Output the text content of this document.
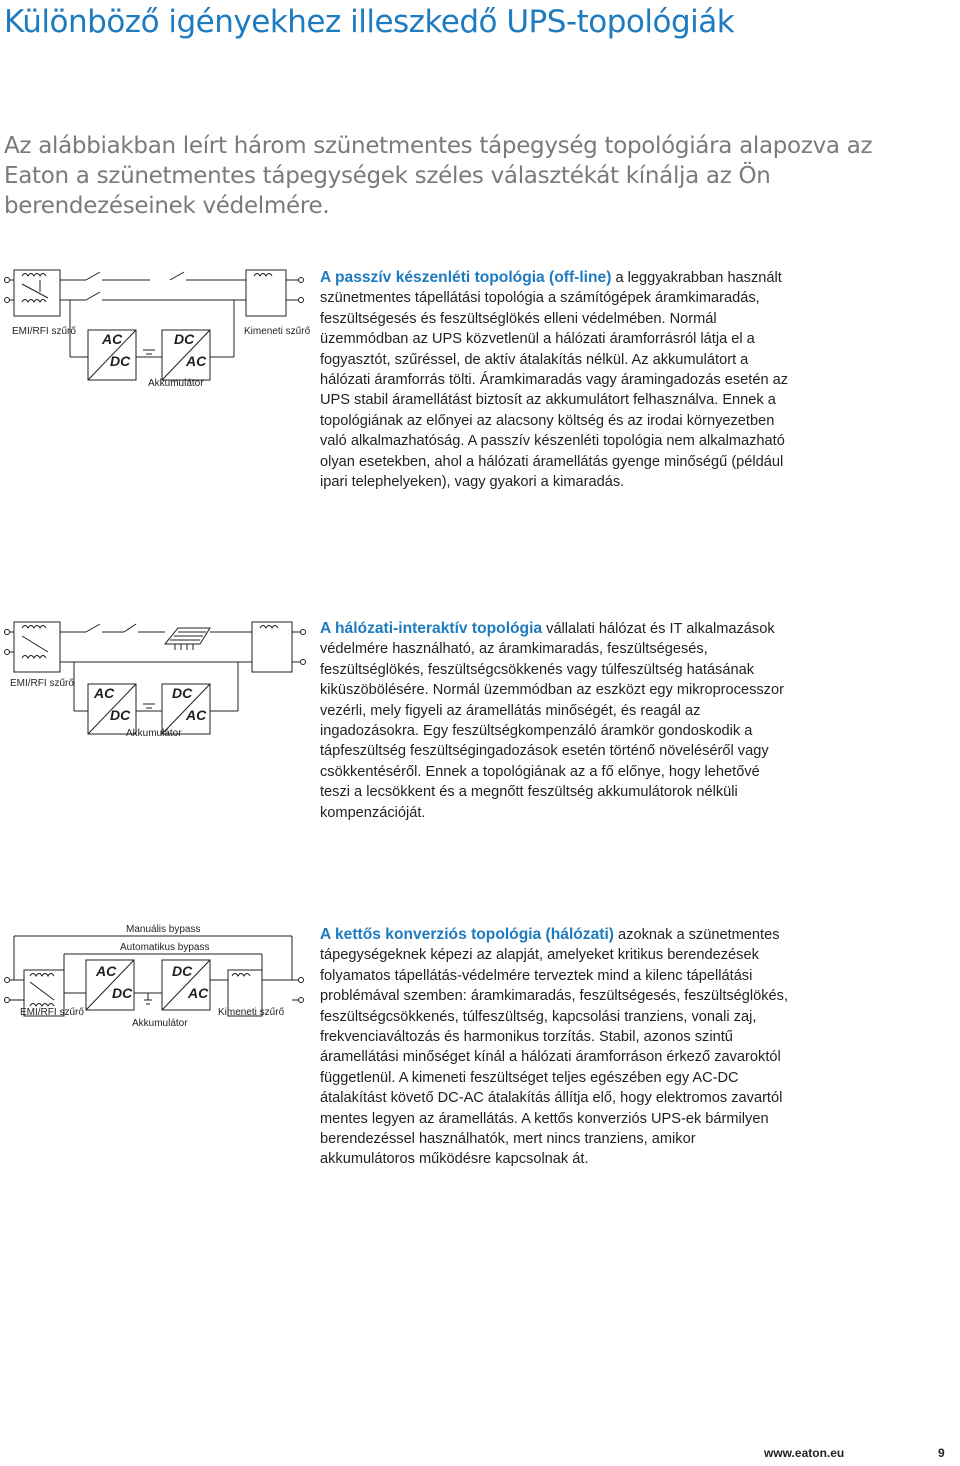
Különböző igényekhez illeszkedő UPS-topológiák

Az alábbiakban leírt három szünetmentes tápegység topológiára alapozva az Eaton a szünetmentes tápegységek széles választékát kínálja az Ön berendezéseinek védelmére.

AC
DC
DC
AC
EMI/RFI szűrő
Akkumulátor
Kimeneti szűrő

A passzív készenléti topológia (off-line) a leggyakrabban használt szünetmentes tápellátási topológia a számítógépek áramkimaradás, feszültségesés és feszültséglökés elleni védelmében. Normál üzemmódban az UPS közvetlenül a hálózati áramforrásról látja el a fogyasztót, szűréssel, de aktív átalakítás nélkül. Az akkumulátort a hálózati áramforrás tölti. Áramkimaradás vagy áramingadozás esetén az UPS stabil áramellátást biztosít az akkumulátort felhasználva. Ennek a topológiának az előnyei az alacsony költség és az irodai környezetben való alkalmazhatóság. A passzív készenléti topológia nem alkalmazható olyan esetekben, ahol a hálózati áramellátás gyenge minőségű (például ipari telephelyeken), vagy gyakori a kimaradás.

AC
DC
DC
AC
EMI/RFI szűrő
Akkumulátor

A hálózati-interaktív topológia vállalati hálózat és IT alkalmazások védelmére használható, az áramkimaradás, feszültségesés, feszültséglökés, feszültségcsökkenés vagy túlfeszültség hatásának kiküszöbölésére. Normál üzemmódban az eszközt egy mikroprocesszor vezérli, mely figyeli az áramellátás minőségét, és reagál az ingadozásokra. Egy feszültségkompenzáló áramkör gondoskodik a tápfeszültség feszültségingadozások esetén történő növeléséről vagy csökkentéséről. Ennek a topológiának az a fő előnye, hogy lehetővé teszi a lecsökkent és a megnőtt feszültség akkumulátorok nélküli kompenzációját.

Manuális bypass
Automatikus bypass
AC
DC
DC
AC
EMI/RFI szűrő
Akkumulátor
Kimeneti szűrő

A kettős konverziós topológia (hálózati) azoknak a szünetmentes tápegységeknek képezi az alapját, amelyeket kritikus berendezések folyamatos tápellátás-védelmére terveztek mind a kilenc tápellátási problémával szemben: áramkimaradás, feszültségesés, feszültséglökés, feszültségcsökkenés, túlfeszültség, kapcsolási tranziens, vonali zaj, frekvenciaváltozás és harmonikus torzítás. Stabil, azonos szintű áramellátási minőséget kínál a hálózati áramforráson érkező zavaroktól függetlenül. A kimeneti feszültséget teljes egészében egy AC-DC átalakítást követő DC-AC átalakítás állítja elő, hogy elektromos zavartól mentes legyen az áramellátás. A kettős konverziós UPS-ek bármilyen berendezéssel használhatók, mert nincs tranziens, amikor akkumulátoros működésre kapcsolnak át.

www.eaton.eu	9
